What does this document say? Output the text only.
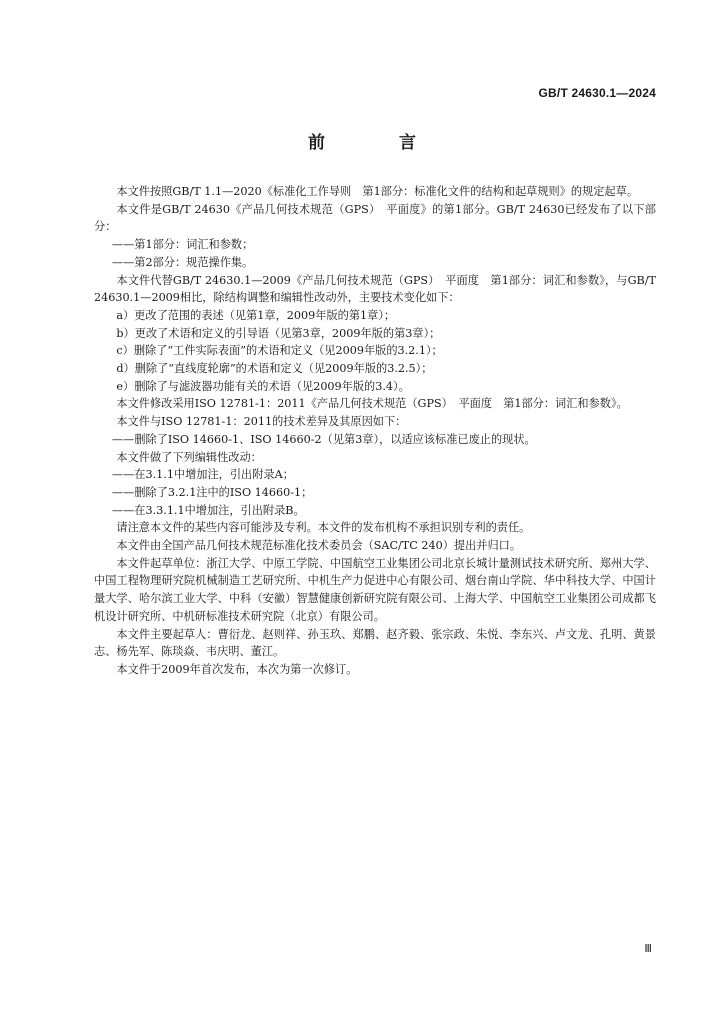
GB/T 24630.1—2024
前 言

本文件按照GB/T 1.1—2020《标准化工作导则　第1部分：标准化文件的结构和起草规则》的规定起草。

本文件是GB/T 24630《产品几何技术规范（GPS）　平面度》的第1部分。GB/T 24630已经发布了以下部分：

——第1部分：词汇和参数；

——第2部分：规范操作集。

本文件代替GB/T 24630.1—2009《产品几何技术规范（GPS）　平面度　第1部分：词汇和参数》，与GB/T 24630.1—2009相比，除结构调整和编辑性改动外，主要技术变化如下：

a）更改了范围的表述（见第1章，2009年版的第1章）；

b）更改了术语和定义的引导语（见第3章，2009年版的第3章）；

c）删除了“工件实际表面”的术语和定义（见2009年版的3.2.1）；

d）删除了“直线度轮廓”的术语和定义（见2009年版的3.2.5）；

e）删除了与滤波器功能有关的术语（见2009年版的3.4）。

本文件修改采用ISO 12781-1：2011《产品几何技术规范（GPS）　平面度　第1部分：词汇和参数》。

本文件与ISO 12781-1：2011的技术差异及其原因如下：

——删除了ISO 14660-1、ISO 14660-2（见第3章），以适应该标准已废止的现状。

本文件做了下列编辑性改动：

——在3.1.1中增加注，引出附录A；

——删除了3.2.1注中的ISO 14660-1；

——在3.3.1.1中增加注，引出附录B。

请注意本文件的某些内容可能涉及专利。本文件的发布机构不承担识别专利的责任。

本文件由全国产品几何技术规范标准化技术委员会（SAC/TC 240）提出并归口。

本文件起草单位：浙江大学、中原工学院、中国航空工业集团公司北京长城计量测试技术研究所、郑州大学、中国工程物理研究院机械制造工艺研究所、中机生产力促进中心有限公司、烟台南山学院、华中科技大学、中国计量大学、哈尔滨工业大学、中科（安徽）智慧健康创新研究院有限公司、上海大学、中国航空工业集团公司成都飞机设计研究所、中机研标准技术研究院（北京）有限公司。

本文件主要起草人：曹衍龙、赵则祥、孙玉玖、郑鹏、赵齐毅、张宗政、朱悦、李东兴、卢文龙、孔明、黄景志、杨先军、陈琰焱、韦庆明、董江。

本文件于2009年首次发布，本次为第一次修订。

Ⅲ
